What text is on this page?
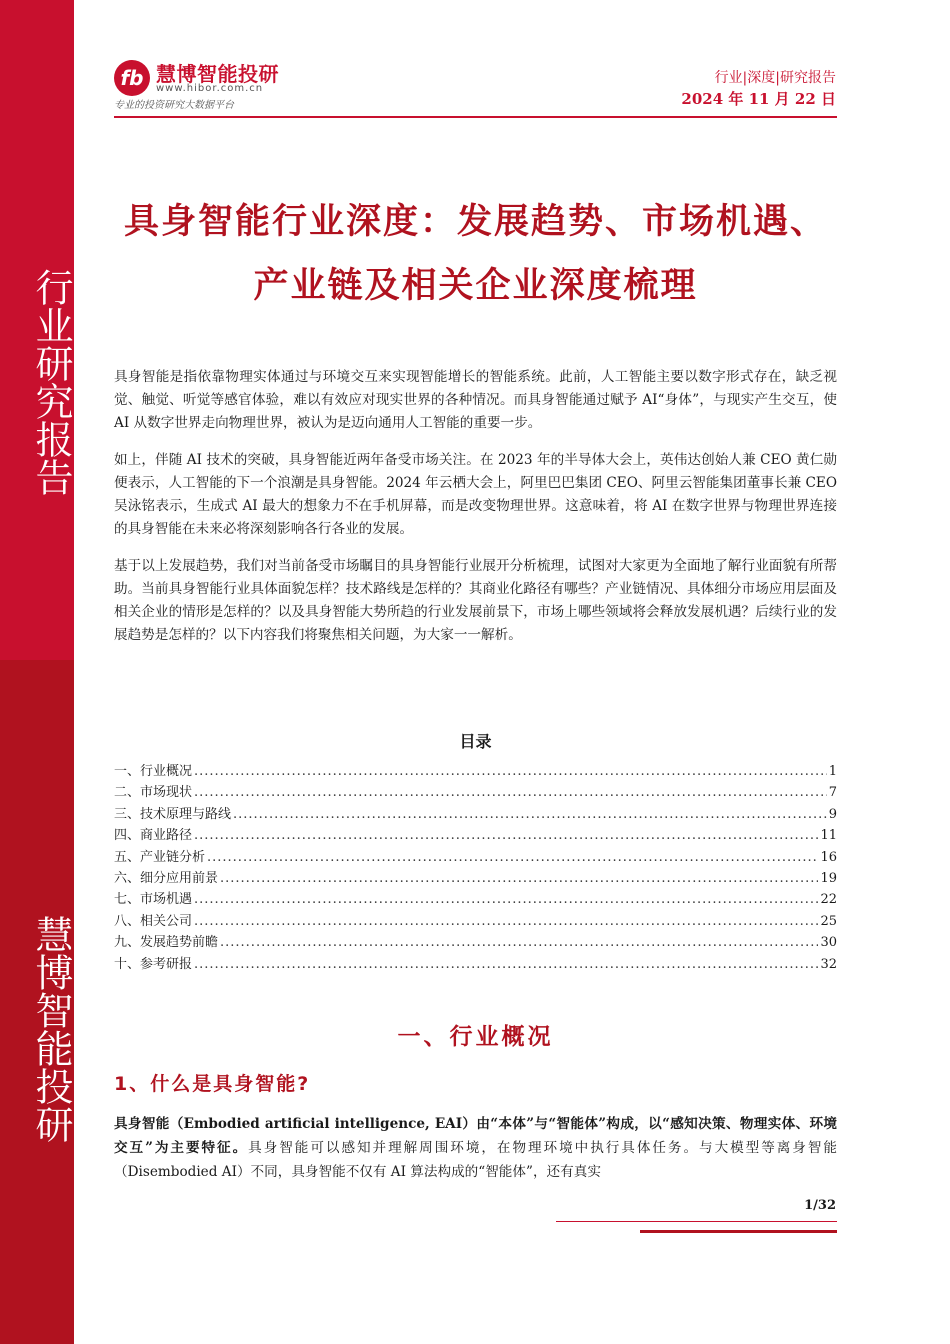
行业研究报告
慧博智能投研
fb 慧博智能投研
www.hibor.com.cn
专业的投资研究大数据平台
行业|深度|研究报告
2024 年 11 月 22 日
具身智能行业深度：发展趋势、市场机遇、
产业链及相关企业深度梳理

具身智能是指依靠物理实体通过与环境交互来实现智能增长的智能系统。此前，人工智能主要以数字形式存在，缺乏视觉、触觉、听觉等感官体验，难以有效应对现实世界的各种情况。而具身智能通过赋予 AI“身体”，与现实产生交互，使 AI 从数字世界走向物理世界，被认为是迈向通用人工智能的重要一步。

如上，伴随 AI 技术的突破，具身智能近两年备受市场关注。在 2023 年的半导体大会上，英伟达创始人兼 CEO 黄仁勋便表示，人工智能的下一个浪潮是具身智能。2024 年云栖大会上，阿里巴巴集团 CEO、阿里云智能集团董事长兼 CEO 吴泳铭表示，生成式 AI 最大的想象力不在手机屏幕，而是改变物理世界。这意味着，将 AI 在数字世界与物理世界连接的具身智能在未来必将深刻影响各行各业的发展。

基于以上发展趋势，我们对当前备受市场瞩目的具身智能行业展开分析梳理，试图对大家更为全面地了解行业面貌有所帮助。当前具身智能行业具体面貌怎样？技术路线是怎样的？其商业化路径有哪些？产业链情况、具体细分市场应用层面及相关企业的情形是怎样的？以及具身智能大势所趋的行业发展前景下，市场上哪些领域将会释放发展机遇？后续行业的发展趋势是怎样的？以下内容我们将聚焦相关问题，为大家一一解析。

目录
一、行业概况 .....	1
二、市场现状 .....	7
三、技术原理与路线 .....	9
四、商业路径 .....	11
五、产业链分析 .....	16
六、细分应用前景 .....	19
七、市场机遇 .....	22
八、相关公司 .....	25
九、发展趋势前瞻 .....	30
十、参考研报 .....	32
一、行业概况
1、什么是具身智能?
具身智能（Embodied artificial intelligence, EAI）由“本体”与“智能体”构成，以“感知决策、物理实体、环境交互”为主要特征。具身智能可以感知并理解周围环境，在物理环境中执行具体任务。与大模型等离身智能（Disembodied AI）不同，具身智能不仅有 AI 算法构成的“智能体”，还有真实
1/32
